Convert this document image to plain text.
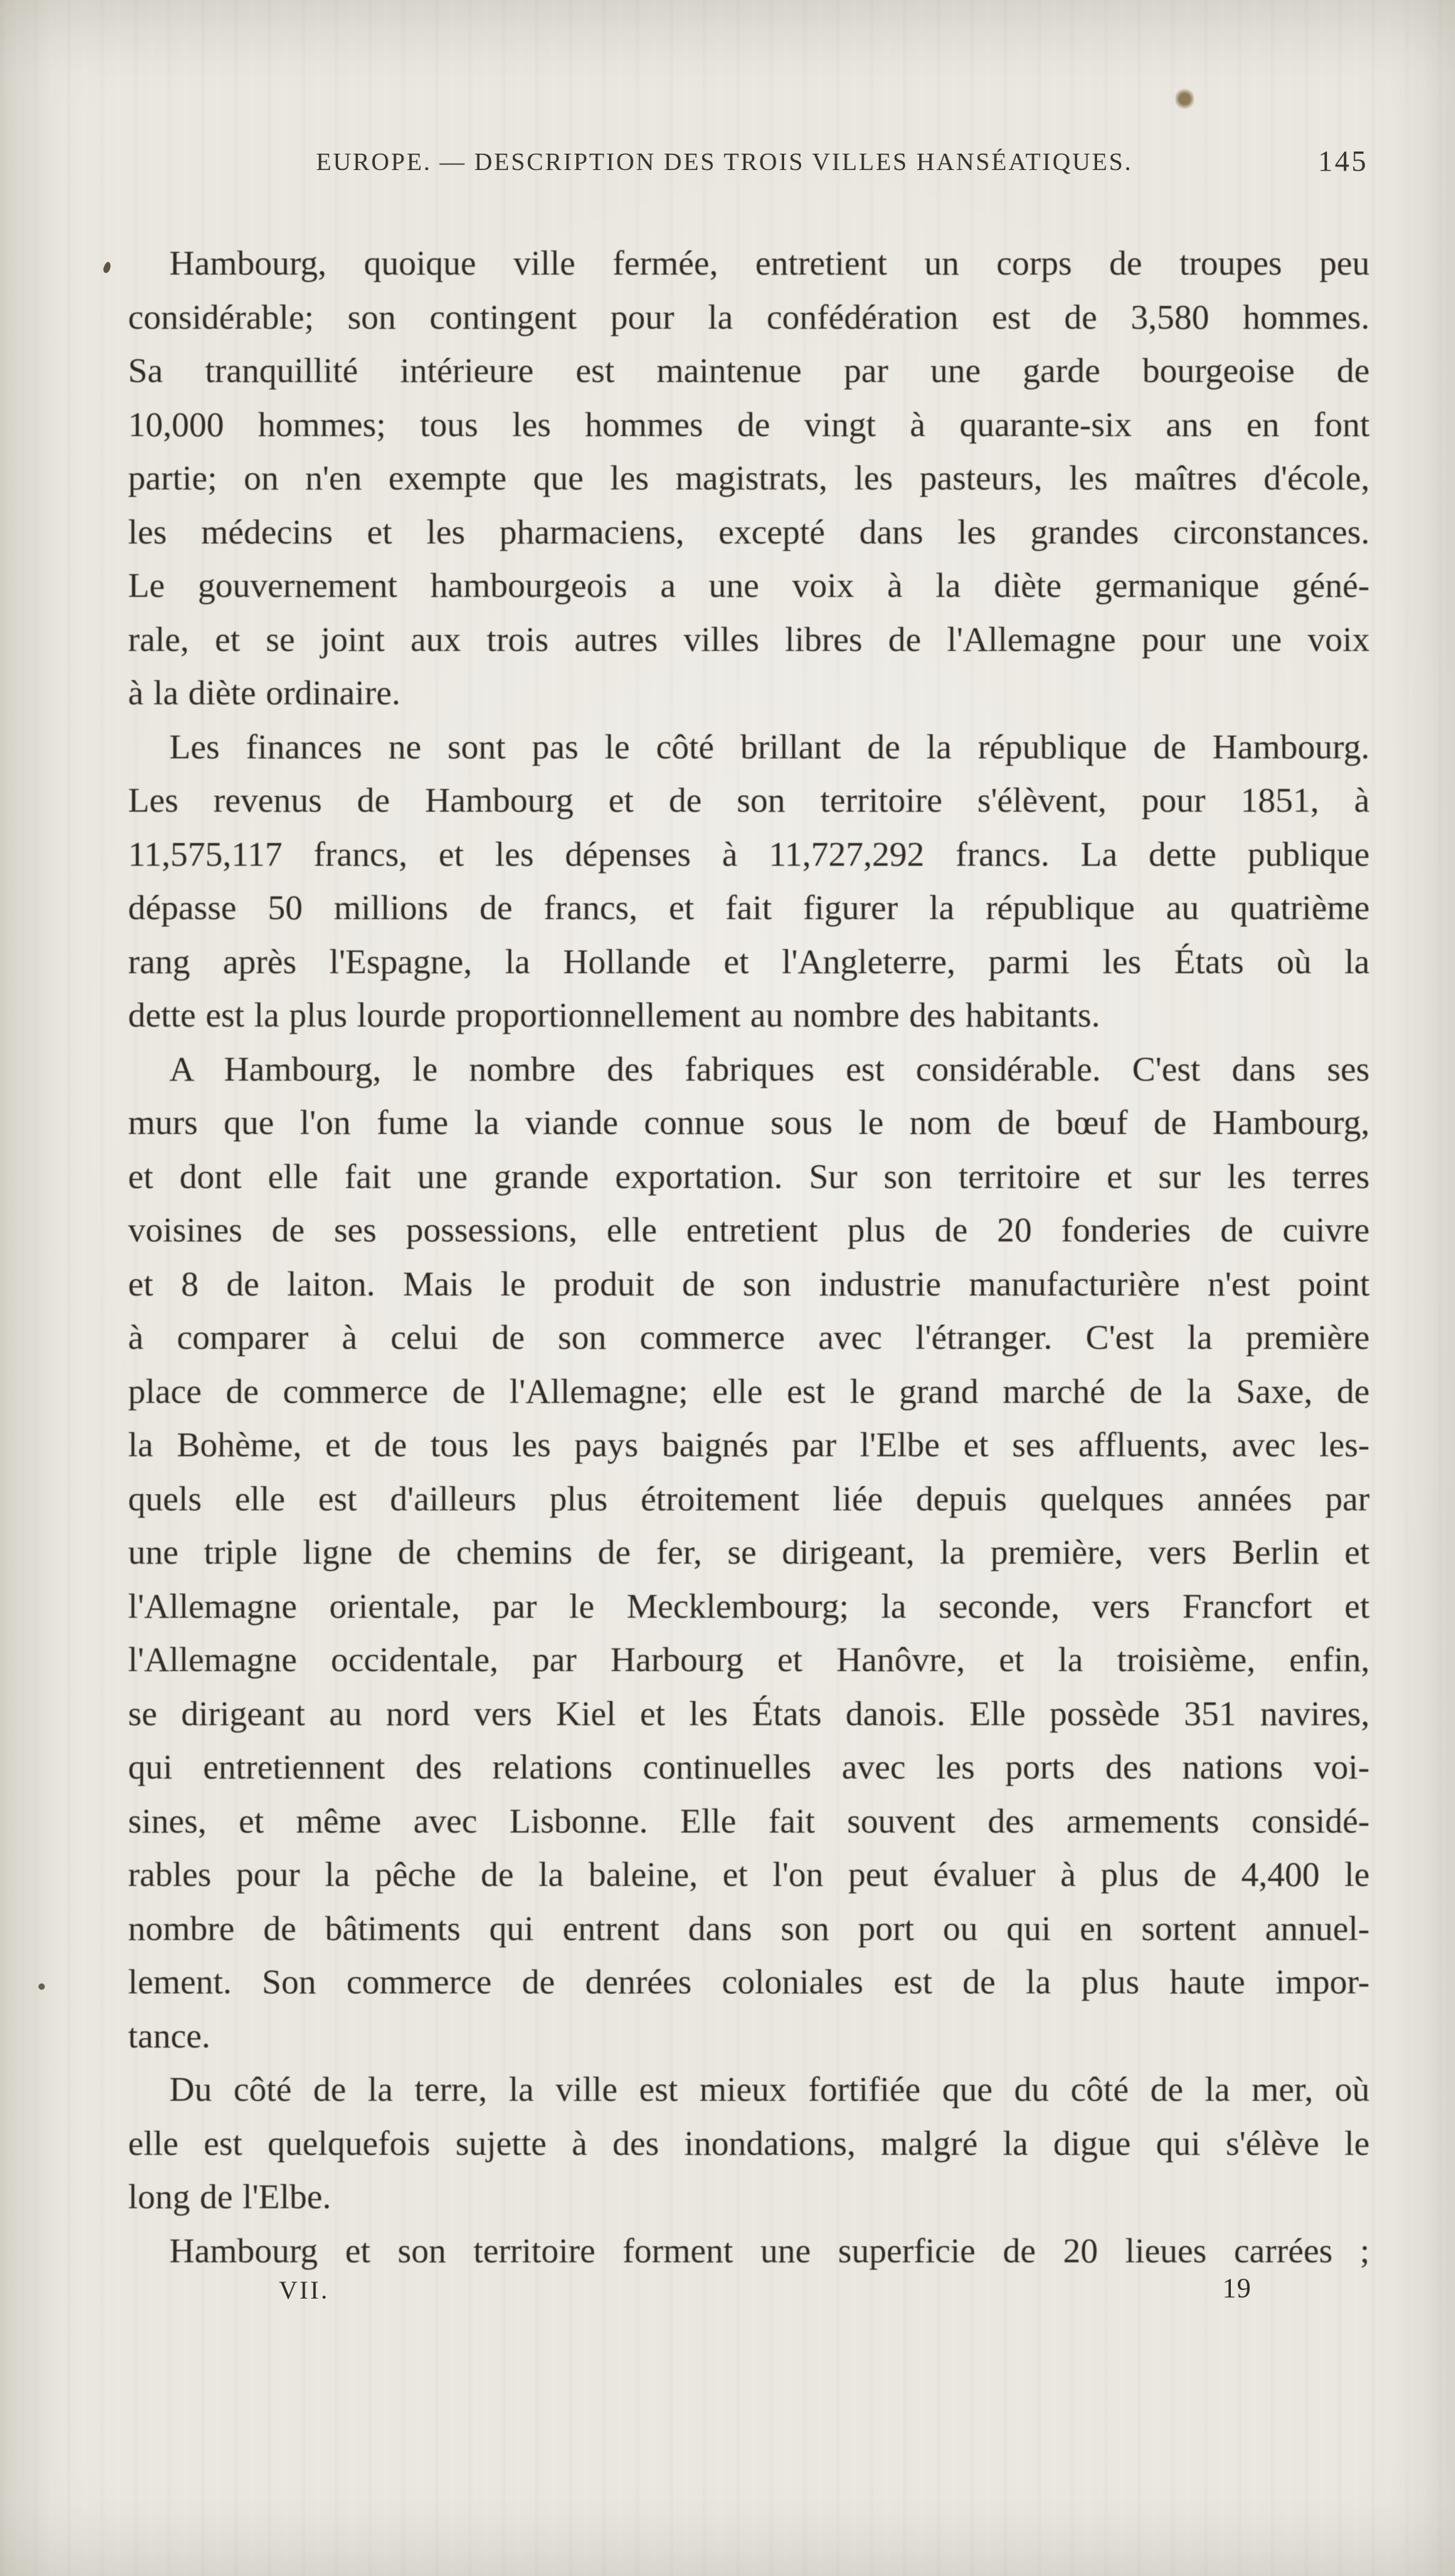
EUROPE. — DESCRIPTION DES TROIS VILLES HANSÉATIQUES.	145
Hambourg, quoique ville fermée, entretient un corps de troupes peu
considérable; son contingent pour la confédération est de 3,580 hommes.
Sa tranquillité intérieure est maintenue par une garde bourgeoise de
10,000 hommes; tous les hommes de vingt à quarante-six ans en font
partie; on n'en exempte que les magistrats, les pasteurs, les maîtres d'école,
les médecins et les pharmaciens, excepté dans les grandes circonstances.
Le gouvernement hambourgeois a une voix à la diète germanique géné-
rale, et se joint aux trois autres villes libres de l'Allemagne pour une voix
à la diète ordinaire.
Les finances ne sont pas le côté brillant de la république de Hambourg.
Les revenus de Hambourg et de son territoire s'élèvent, pour 1851, à
11,575,117 francs, et les dépenses à 11,727,292 francs. La dette publique
dépasse 50 millions de francs, et fait figurer la république au quatrième
rang après l'Espagne, la Hollande et l'Angleterre, parmi les États où la
dette est la plus lourde proportionnellement au nombre des habitants.
A Hambourg, le nombre des fabriques est considérable. C'est dans ses
murs que l'on fume la viande connue sous le nom de bœuf de Hambourg,
et dont elle fait une grande exportation. Sur son territoire et sur les terres
voisines de ses possessions, elle entretient plus de 20 fonderies de cuivre
et 8 de laiton. Mais le produit de son industrie manufacturière n'est point
à comparer à celui de son commerce avec l'étranger. C'est la première
place de commerce de l'Allemagne; elle est le grand marché de la Saxe, de
la Bohème, et de tous les pays baignés par l'Elbe et ses affluents, avec les-
quels elle est d'ailleurs plus étroitement liée depuis quelques années par
une triple ligne de chemins de fer, se dirigeant, la première, vers Berlin et
l'Allemagne orientale, par le Mecklembourg; la seconde, vers Francfort et
l'Allemagne occidentale, par Harbourg et Hanôvre, et la troisième, enfin,
se dirigeant au nord vers Kiel et les États danois. Elle possède 351 navires,
qui entretiennent des relations continuelles avec les ports des nations voi-
sines, et même avec Lisbonne. Elle fait souvent des armements considé-
rables pour la pêche de la baleine, et l'on peut évaluer à plus de 4,400 le
nombre de bâtiments qui entrent dans son port ou qui en sortent annuel-
lement. Son commerce de denrées coloniales est de la plus haute impor-
tance.
Du côté de la terre, la ville est mieux fortifiée que du côté de la mer, où
elle est quelquefois sujette à des inondations, malgré la digue qui s'élève le
long de l'Elbe.
Hambourg et son territoire forment une superficie de 20 lieues carrées ;
VII.	19
